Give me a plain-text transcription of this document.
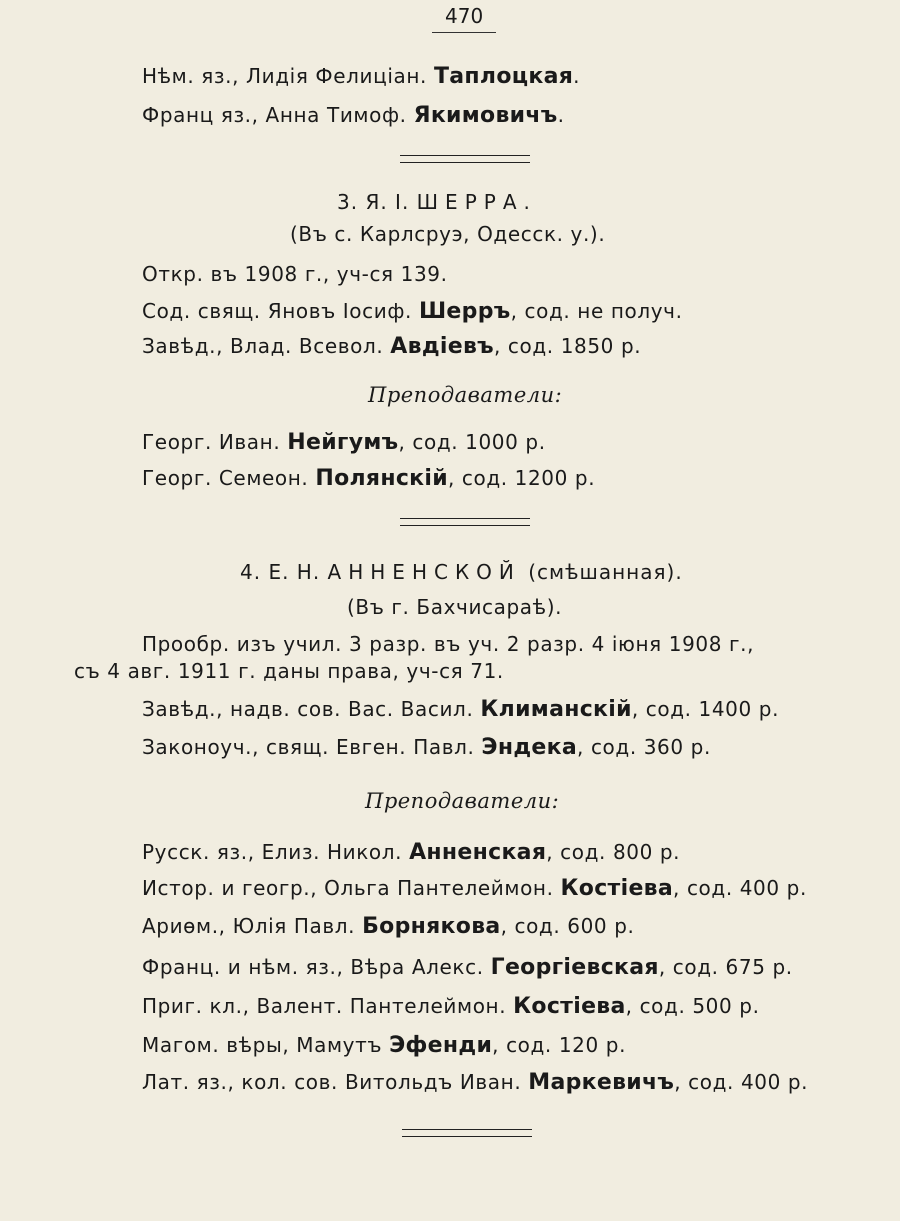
470
Нѣм. яз., Лидія Фелиціан. Таплоцкая.
Франц яз., Анна Тимоф. Якимовичъ.
3. Я. І. ШЕРРА.
(Въ с. Карлсруэ, Одесск. у.).
Откр. въ 1908 г., уч-ся 139.
Сод. свящ. Яновъ Іосиф. Шерръ, сод. не получ.
Завѣд., Влад. Всевол. Авдіевъ, сод. 1850 р.
Преподаватели:
Георг. Иван. Нейгумъ, сод. 1000 р.
Георг. Семеон. Полянскій, сод. 1200 р.
4. Е. Н. АННЕНСКОЙ (смѣшанная).
(Въ г. Бахчисараѣ).
Прообр. изъ учил. 3 разр. въ уч. 2 разр. 4 іюня 1908 г.,
съ 4 авг. 1911 г. даны права, уч-ся 71.
Завѣд., надв. сов. Вас. Васил. Климанскій, сод. 1400 р.
Законоуч., свящ. Евген. Павл. Эндека, сод. 360 р.
Преподаватели:
Русск. яз., Елиз. Никол. Анненская, сод. 800 р.
Истор. и геогр., Ольга Пантелеймон. Костіева, сод. 400 р.
Ариѳм., Юлія Павл. Борнякова, сод. 600 р.
Франц. и нѣм. яз., Вѣра Алекс. Георгіевская, сод. 675 р.
Приг. кл., Валент. Пантелеймон. Костіева, сод. 500 р.
Магом. вѣры, Мамутъ Эфенди, сод. 120 р.
Лат. яз., кол. сов. Витольдъ Иван. Маркевичъ, сод. 400 р.
